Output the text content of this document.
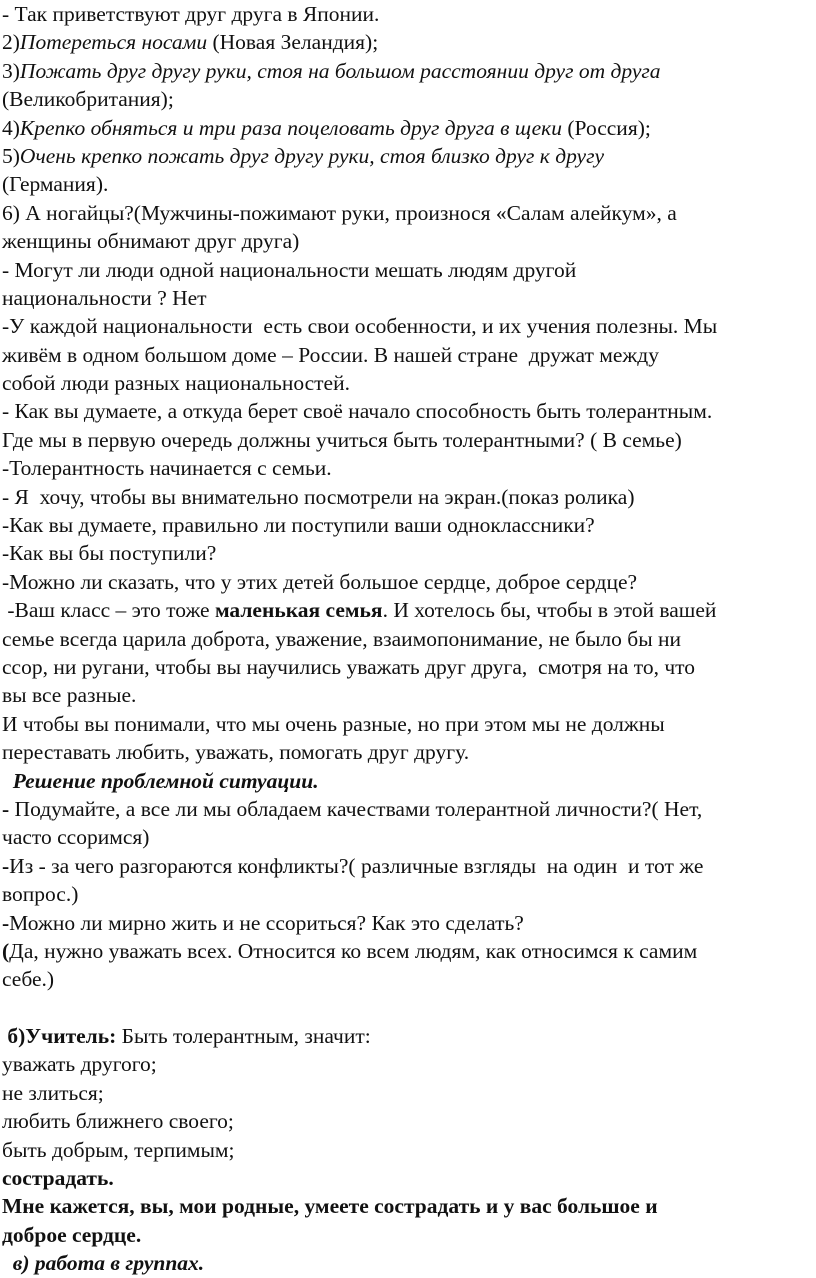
- Так приветствуют друг друга в Японии.
2)Потереться носами (Новая Зеландия);
3)Пожать друг другу руки, стоя на большом расстоянии друг от друга
(Великобритания);
4)Крепко обняться и три раза поцеловать друг друга в щеки (Россия);
5)Очень крепко пожать друг другу руки, стоя близко друг к другу
(Германия).
6) А ногайцы?(Мужчины-пожимают руки, произнося «Салам алейкум», а
женщины обнимают друг друга)
- Могут ли люди одной национальности мешать людям другой
национальности ? Нет
-У каждой национальности  есть свои особенности, и их учения полезны. Мы
живём в одном большом доме – России. В нашей стране  дружат между
собой люди разных национальностей.
- Как вы думаете, а откуда берет своё начало способность быть толерантным.
Где мы в первую очередь должны учиться быть толерантными? ( В семье)
-Толерантность начинается с семьи.
- Я  хочу, чтобы вы внимательно посмотрели на экран.(показ ролика)
-Как вы думаете, правильно ли поступили ваши одноклассники?
-Как вы бы поступили?
-Можно ли сказать, что у этих детей большое сердце, доброе сердце?
-Ваш класс – это тоже маленькая семья. И хотелось бы, чтобы в этой вашей
семье всегда царила доброта, уважение, взаимопонимание, не было бы ни
ссор, ни ругани, чтобы вы научились уважать друг друга,  смотря на то, что
вы все разные.
И чтобы вы понимали, что мы очень разные, но при этом мы не должны
переставать любить, уважать, помогать друг другу.
Решение проблемной ситуации.
- Подумайте, а все ли мы обладаем качествами толерантной личности?( Нет,
часто ссоримся)
-Из - за чего разгораются конфликты?( различные взгляды  на один  и тот же
вопрос.)
-Можно ли мирно жить и не ссориться? Как это сделать?
(Да, нужно уважать всех. Относится ко всем людям, как относимся к самим
себе.)
б)Учитель: Быть толерантным, значит:
уважать другого;
не злиться;
любить ближнего своего;
быть добрым, терпимым;
сострадать.
Мне кажется, вы, мои родные, умеете сострадать и у вас большое и
доброе сердце.
в) работа в группах.
